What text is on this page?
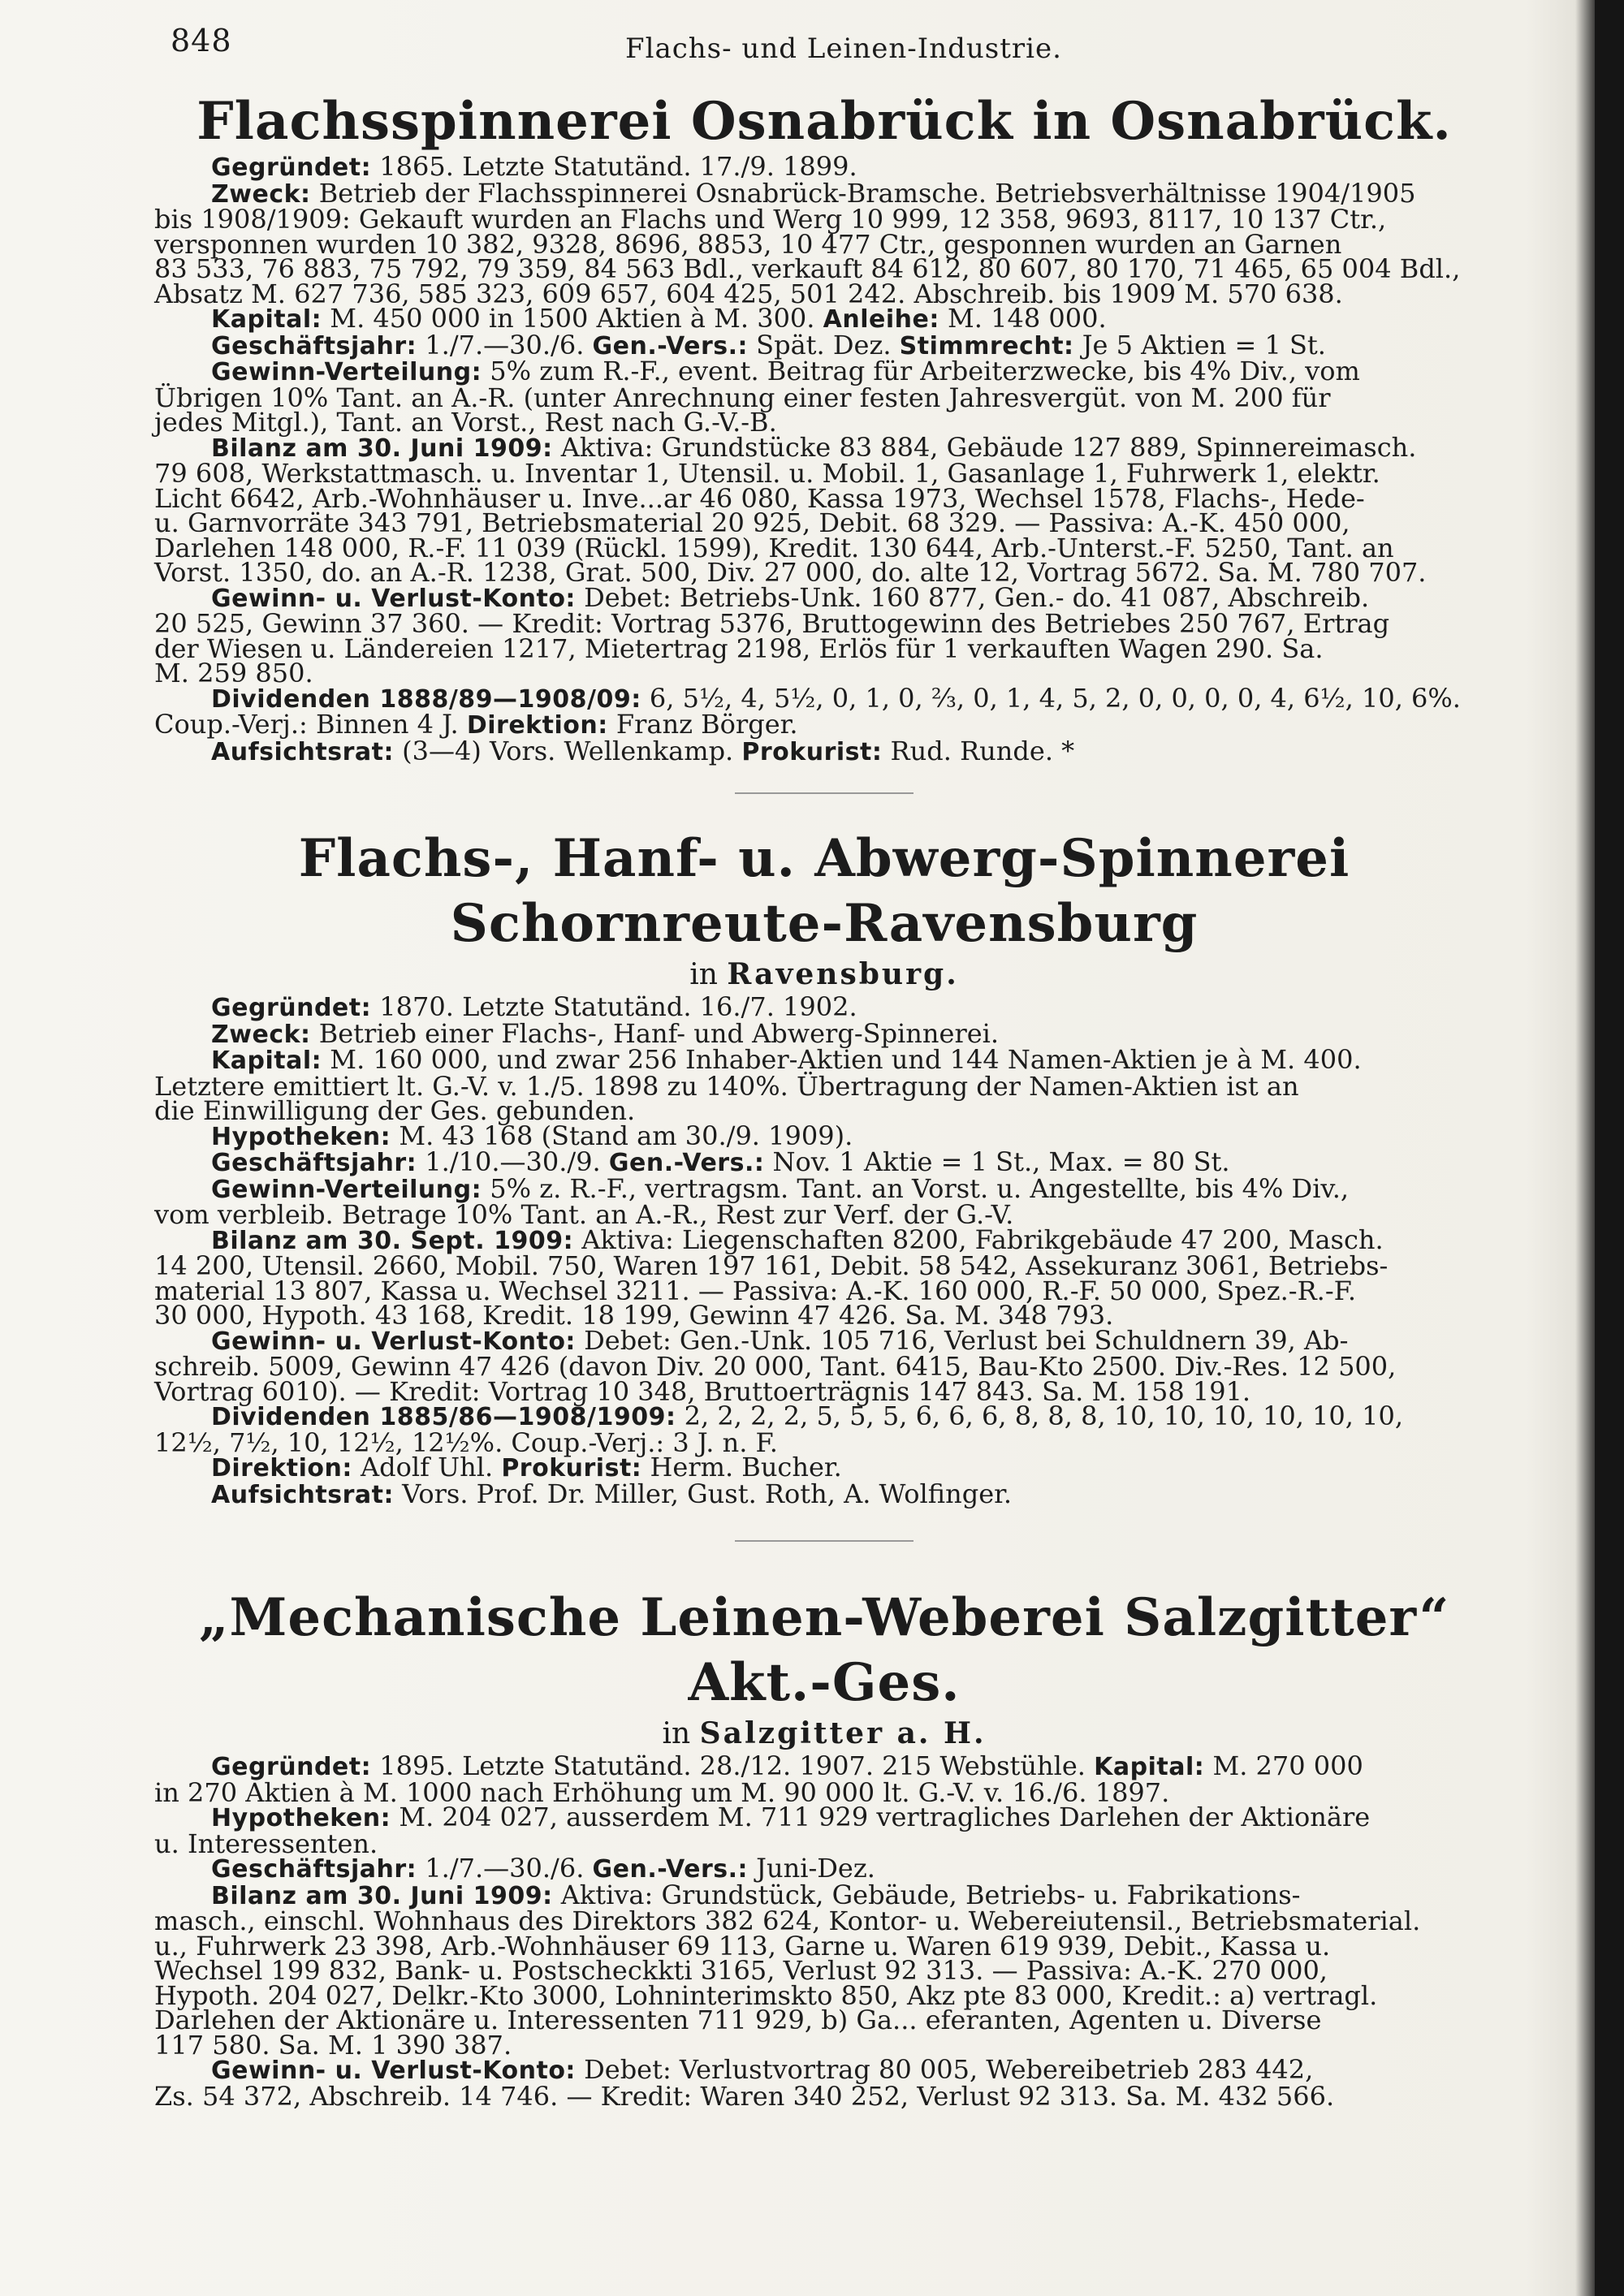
848	Flachs- und Leinen-Industrie.
Flachsspinnerei Osnabrück in Osnabrück.

Gegründet: 1865. Letzte Statutänd. 17./9. 1899.

Zweck: Betrieb der Flachsspinnerei Osnabrück-Bramsche. Betriebsverhältnisse 1904/1905

bis 1908/1909: Gekauft wurden an Flachs und Werg 10 999, 12 358, 9693, 8117, 10 137 Ctr.,

versponnen wurden 10 382, 9328, 8696, 8853, 10 477 Ctr., gesponnen wurden an Garnen

83 533, 76 883, 75 792, 79 359, 84 563 Bdl., verkauft 84 612, 80 607, 80 170, 71 465, 65 004 Bdl.,

Absatz M. 627 736, 585 323, 609 657, 604 425, 501 242. Abschreib. bis 1909 M. 570 638.

Kapital: M. 450 000 in 1500 Aktien à M. 300. Anleihe: M. 148 000.

Geschäftsjahr: 1./7.—30./6. Gen.-Vers.: Spät. Dez. Stimmrecht: Je 5 Aktien = 1 St.

Gewinn-Verteilung: 5% zum R.-F., event. Beitrag für Arbeiterzwecke, bis 4% Div., vom

Übrigen 10% Tant. an A.-R. (unter Anrechnung einer festen Jahresvergüt. von M. 200 für

jedes Mitgl.), Tant. an Vorst., Rest nach G.-V.-B.

Bilanz am 30. Juni 1909: Aktiva: Grundstücke 83 884, Gebäude 127 889, Spinnereimasch.

79 608, Werkstattmasch. u. Inventar 1, Utensil. u. Mobil. 1, Gasanlage 1, Fuhrwerk 1, elektr.

Licht 6642, Arb.-Wohnhäuser u. Inve...ar 46 080, Kassa 1973, Wechsel 1578, Flachs-, Hede-

u. Garnvorräte 343 791, Betriebsmaterial 20 925, Debit. 68 329. — Passiva: A.-K. 450 000,

Darlehen 148 000, R.-F. 11 039 (Rückl. 1599), Kredit. 130 644, Arb.-Unterst.-F. 5250, Tant. an

Vorst. 1350, do. an A.-R. 1238, Grat. 500, Div. 27 000, do. alte 12, Vortrag 5672. Sa. M. 780 707.

Gewinn- u. Verlust-Konto: Debet: Betriebs-Unk. 160 877, Gen.- do. 41 087, Abschreib.

20 525, Gewinn 37 360. — Kredit: Vortrag 5376, Bruttogewinn des Betriebes 250 767, Ertrag

der Wiesen u. Ländereien 1217, Mietertrag 2198, Erlös für 1 verkauften Wagen 290. Sa.

M. 259 850.

Dividenden 1888/89—1908/09: 6, 5½, 4, 5½, 0, 1, 0, ⅔, 0, 1, 4, 5, 2, 0, 0, 0, 0, 4, 6½, 10, 6%.

Coup.-Verj.: Binnen 4 J. Direktion: Franz Börger.

Aufsichtsrat: (3—4) Vors. Wellenkamp. Prokurist: Rud. Runde. *

Flachs-, Hanf- u. Abwerg-Spinnerei Schornreute-Ravensburg
in Ravensburg.

Gegründet: 1870. Letzte Statutänd. 16./7. 1902.

Zweck: Betrieb einer Flachs-, Hanf- und Abwerg-Spinnerei.

Kapital: M. 160 000, und zwar 256 Inhaber-Aktien und 144 Namen-Aktien je à M. 400.

Letztere emittiert lt. G.-V. v. 1./5. 1898 zu 140%. Übertragung der Namen-Aktien ist an

die Einwilligung der Ges. gebunden.

Hypotheken: M. 43 168 (Stand am 30./9. 1909).

Geschäftsjahr: 1./10.—30./9. Gen.-Vers.: Nov. 1 Aktie = 1 St., Max. = 80 St.

Gewinn-Verteilung: 5% z. R.-F., vertragsm. Tant. an Vorst. u. Angestellte, bis 4% Div.,

vom verbleib. Betrage 10% Tant. an A.-R., Rest zur Verf. der G.-V.

Bilanz am 30. Sept. 1909: Aktiva: Liegenschaften 8200, Fabrikgebäude 47 200, Masch.

14 200, Utensil. 2660, Mobil. 750, Waren 197 161, Debit. 58 542, Assekuranz 3061, Betriebs-

material 13 807, Kassa u. Wechsel 3211. — Passiva: A.-K. 160 000, R.-F. 50 000, Spez.-R.-F.

30 000, Hypoth. 43 168, Kredit. 18 199, Gewinn 47 426. Sa. M. 348 793.

Gewinn- u. Verlust-Konto: Debet: Gen.-Unk. 105 716, Verlust bei Schuldnern 39, Ab-

schreib. 5009, Gewinn 47 426 (davon Div. 20 000, Tant. 6415, Bau-Kto 2500. Div.-Res. 12 500,

Vortrag 6010). — Kredit: Vortrag 10 348, Bruttoerträgnis 147 843. Sa. M. 158 191.

Dividenden 1885/86—1908/1909: 2, 2, 2, 2, 5, 5, 5, 6, 6, 6, 8, 8, 8, 10, 10, 10, 10, 10, 10,

12½, 7½, 10, 12½, 12½%. Coup.-Verj.: 3 J. n. F.

Direktion: Adolf Uhl. Prokurist: Herm. Bucher.

Aufsichtsrat: Vors. Prof. Dr. Miller, Gust. Roth, A. Wolfinger.

„Mechanische Leinen-Weberei Salzgitter“ Akt.-Ges.
in Salzgitter a. H.

Gegründet: 1895. Letzte Statutänd. 28./12. 1907. 215 Webstühle. Kapital: M. 270 000

in 270 Aktien à M. 1000 nach Erhöhung um M. 90 000 lt. G.-V. v. 16./6. 1897.

Hypotheken: M. 204 027, ausserdem M. 711 929 vertragliches Darlehen der Aktionäre

u. Interessenten.

Geschäftsjahr: 1./7.—30./6. Gen.-Vers.: Juni-Dez.

Bilanz am 30. Juni 1909: Aktiva: Grundstück, Gebäude, Betriebs- u. Fabrikations-

masch., einschl. Wohnhaus des Direktors 382 624, Kontor- u. Webereiutensil., Betriebsmaterial.

u., Fuhrwerk 23 398, Arb.-Wohnhäuser 69 113, Garne u. Waren 619 939, Debit., Kassa u.

Wechsel 199 832, Bank- u. Postscheckkti 3165, Verlust 92 313. — Passiva: A.-K. 270 000,

Hypoth. 204 027, Delkr.-Kto 3000, Lohninterimskto 850, Akz pte 83 000, Kredit.: a) vertragl.

Darlehen der Aktionäre u. Interessenten 711 929, b) Ga... eferanten, Agenten u. Diverse

117 580. Sa. M. 1 390 387.

Gewinn- u. Verlust-Konto: Debet: Verlustvortrag 80 005, Webereibetrieb 283 442,

Zs. 54 372, Abschreib. 14 746. — Kredit: Waren 340 252, Verlust 92 313. Sa. M. 432 566.
